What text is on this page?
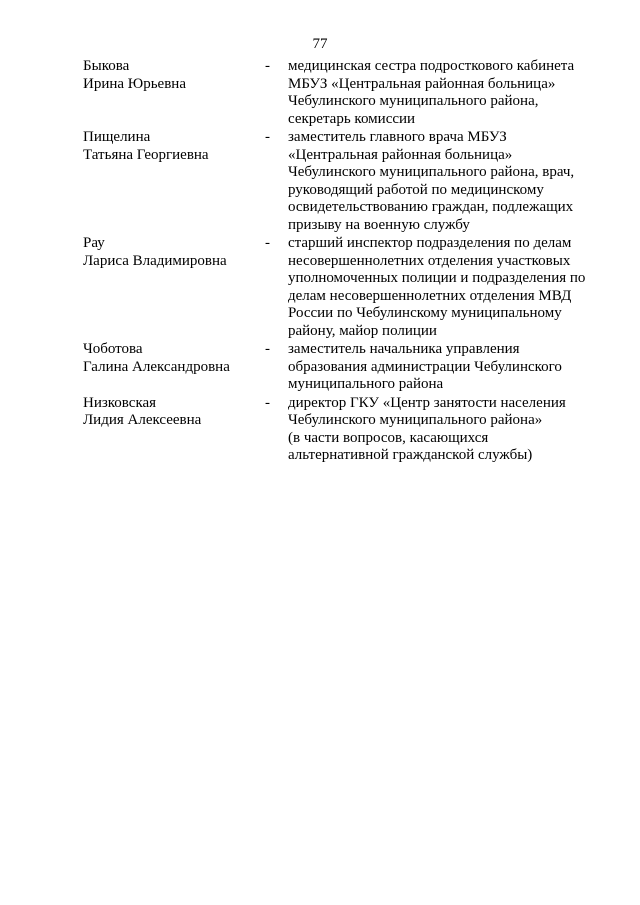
77
Быкова
Ирина Юрьевна
- медицинская сестра подросткового кабинета
МБУЗ «Центральная районная больница»
Чебулинского муниципального района,
секретарь комиссии
Пищелина
Татьяна Георгиевна
- заместитель главного врача МБУЗ
«Центральная районная больница»
Чебулинского муниципального района, врач,
руководящий работой по медицинскому
освидетельствованию граждан, подлежащих
призыву на военную службу
Рау
Лариса Владимировна
- старший инспектор подразделения по делам
несовершеннолетних отделения участковых
уполномоченных полиции и подразделения по
делам несовершеннолетних отделения МВД
России по Чебулинскому муниципальному
району, майор полиции
Чоботова
Галина Александровна
- заместитель начальника управления
образования администрации Чебулинского
муниципального района
Низковская
Лидия Алексеевна
- директор ГКУ «Центр занятости населения
Чебулинского муниципального района»
(в части вопросов, касающихся
альтернативной гражданской службы)
